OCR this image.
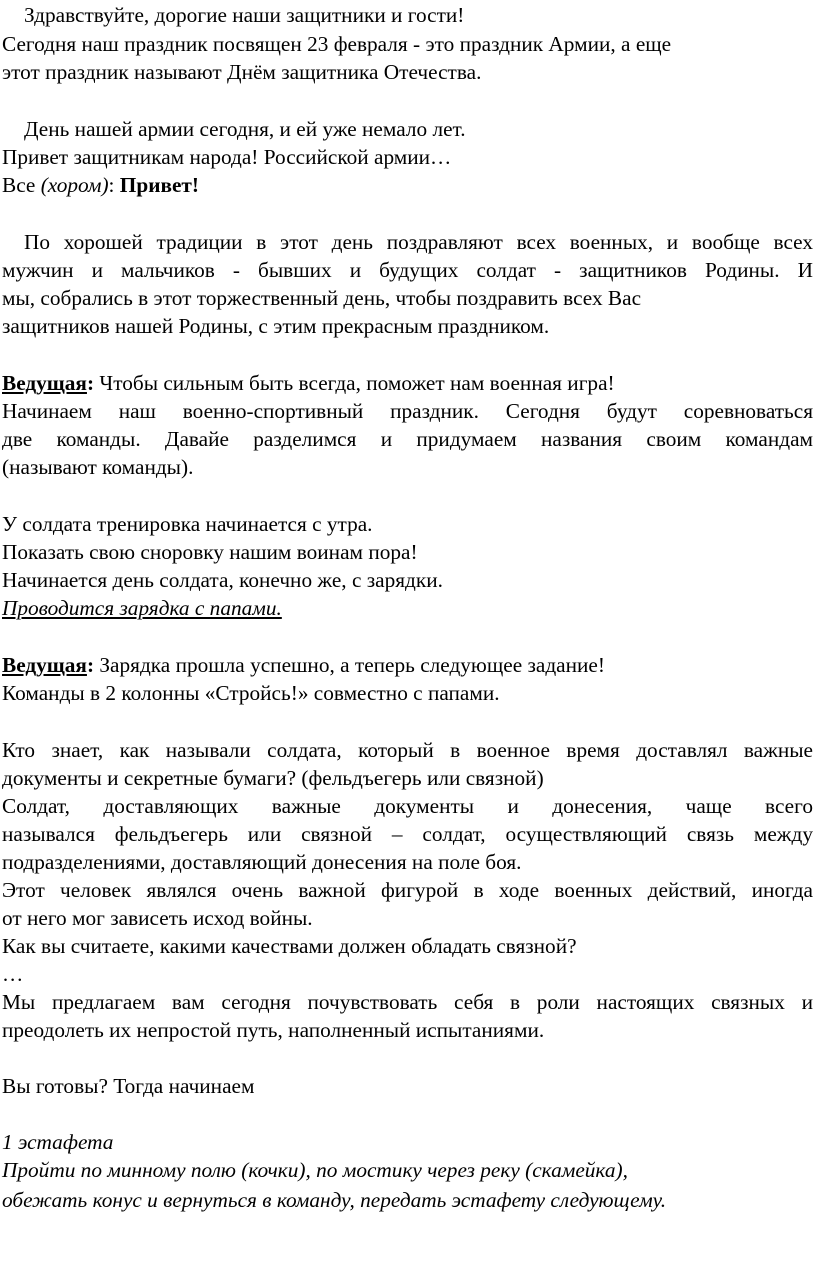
Здравствуйте, дорогие наши защитники и гости!
Сегодня наш праздник посвящен 23 февраля - это праздник Армии, а еще
этот праздник называют Днём защитника Отечества.
День нашей армии сегодня, и ей уже немало лет.
Привет защитникам народа! Российской армии…
Все (хором): Привет!
По хорошей традиции в этот день поздравляют всех военных, и вообще всех
мужчин и мальчиков - бывших и будущих солдат - защитников Родины. И
мы, собрались в этот торжественный день, чтобы поздравить всех Вас
защитников нашей Родины, с этим прекрасным праздником.
Ведущая: Чтобы сильным быть всегда, поможет нам военная игра!
Начинаем наш военно-спортивный праздник. Сегодня будут соревноваться
две команды. Давайе разделимся и придумаем названия своим командам
(называют команды).
У солдата тренировка начинается с утра.
Показать свою сноровку нашим воинам пора!
Начинается день солдата, конечно же, с зарядки.
Проводится зарядка с папами.
Ведущая: Зарядка прошла успешно, а теперь следующее задание!
Команды в 2 колонны «Стройсь!» совместно с папами.
Кто знает, как называли солдата, который в военное время доставлял важные
документы и секретные бумаги? (фельдъегерь или связной)
Солдат, доставляющих важные документы и донесения, чаще всего
назывался фельдъегерь или связной – солдат, осуществляющий связь между
подразделениями, доставляющий донесения на поле боя.
Этот человек являлся очень важной фигурой в ходе военных действий, иногда
от него мог зависеть исход войны.
Как вы считаете, какими качествами должен обладать связной?
…
Мы предлагаем вам сегодня почувствовать себя в роли настоящих связных и
преодолеть их непростой путь, наполненный испытаниями.
Вы готовы? Тогда начинаем
1 эстафета
Пройти по минному полю (кочки), по мостику через реку (скамейка),
обежать конус и вернуться в команду, передать эстафету следующему.
